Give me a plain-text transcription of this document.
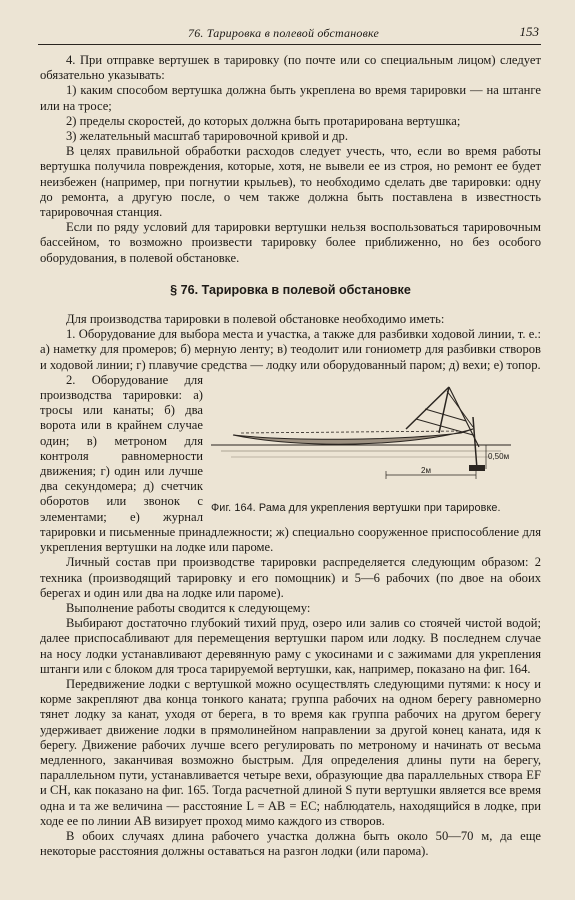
76. Тарировка в полевой обстановке	153

4. При отправке вертушек в тарировку (по почте или со специальным лицом) следует обязательно указывать:

1) каким способом вертушка должна быть укреплена во время тарировки — на штанге или на тросе;

2) пределы скоростей, до которых должна быть протарирована вертушка;

3) желательный масштаб тарировочной кривой и др.

В целях правильной обработки расходов следует учесть, что, если во время работы вертушка получила повреждения, которые, хотя, не вывели ее из строя, но ремонт ее будет неизбежен (например, при погнутии крыльев), то необходимо сделать две тарировки: одну до ремонта, а другую после, о чем также должна быть поставлена в известность тарировочная станция.

Если по ряду условий для тарировки вертушки нельзя воспользоваться тарировочным бассейном, то возможно произвести тарировку более приближенно, но без особого оборудования, в полевой обстановке.

§ 76. Тарировка в полевой обстановке

Для производства тарировки в полевой обстановке необходимо иметь:

1. Оборудование для выбора места и участка, а также для разбивки ходовой линии, т. е.: а) наметку для промеров; б) мерную ленту; в) теодолит или гониометр для разбивки створов и ходовой линии; г) плавучие средства — лодку или оборудованный паром; д) вехи; е) топор.

2м
0,50м
Фиг. 164. Рама для укрепления вертушки при тарировке.

2. Оборудование для производства тарировки: а) тросы или канаты; б) два ворота или в крайнем случае один; в) метроном для контроля равномерности движения; г) один или лучше два секундомера; д) счетчик оборотов или звонок с элементами; е) журнал тарировки и письменные принадлежности; ж) специально сооруженное приспособление для укрепления вертушки на лодке или пароме.

Личный состав при производстве тарировки распределяется следующим образом: 2 техника (производящий тарировку и его помощник) и 5—6 рабочих (по двое на обоих берегах и один или два на лодке или пароме).

Выполнение работы сводится к следующему:

Выбирают достаточно глубокий тихий пруд, озеро или залив со стоячей чистой водой; далее приспосабливают для перемещения вертушки паром или лодку. В последнем случае на носу лодки устанавливают деревянную раму с укосинами и с зажимами для укрепления штанги или с блоком для троса тарируемой вертушки, как, например, показано на фиг. 164.

Передвижение лодки с вертушкой можно осуществлять следующими путями: к носу и корме закрепляют два конца тонкого каната; группа рабочих на одном берегу равномерно тянет лодку за канат, уходя от берега, в то время как группа рабочих на другом берегу удерживает движение лодки в прямолинейном направлении за другой конец каната, идя к берегу. Движение рабочих лучше всего регулировать по метроному и начинать от весьма медленного, заканчивая возможно быстрым. Для определения длины пути на берегу, параллельном пути, устанавливается четыре вехи, образующие два параллельных створа EF и CH, как показано на фиг. 165. Тогда расчетной длиной S пути вертушки является все время одна и та же величина — расстояние L = AB = EC; наблюдатель, находящийся в лодке, при ходе ее по линии AB визирует проход мимо каждого из створов.

В обоих случаях длина рабочего участка должна быть около 50—70 м, да еще некоторые расстояния должны оставаться на разгон лодки (или парома).
